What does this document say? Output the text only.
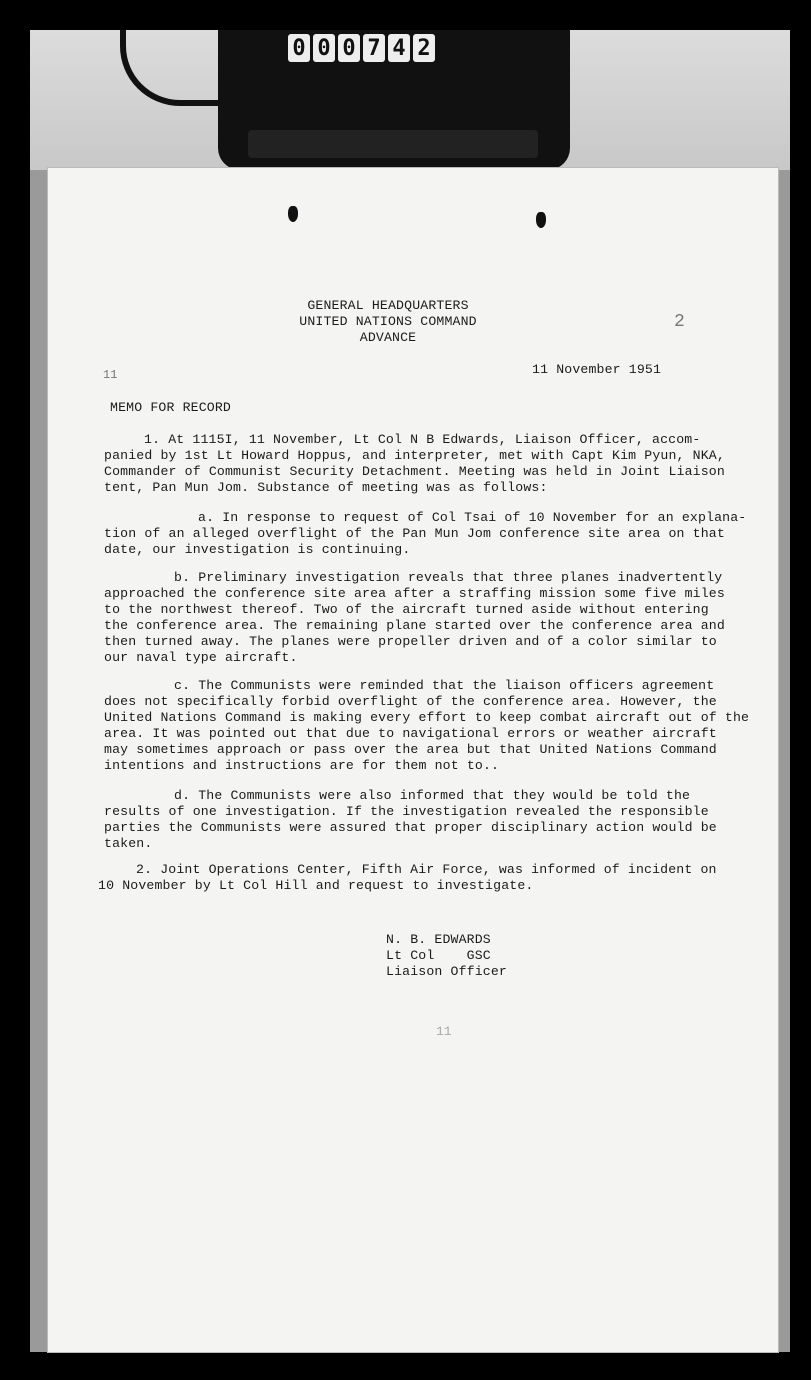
0 0 0 7 4 2
GENERAL HEADQUARTERS
UNITED NATIONS COMMAND
ADVANCE
2
11 November 1951
11
MEMO FOR RECORD
1. At 1115I, 11 November, Lt Col N B Edwards, Liaison Officer, accom-
panied by 1st Lt Howard Hoppus, and interpreter, met with Capt Kim Pyun, NKA,
Commander of Communist Security Detachment. Meeting was held in Joint Liaison
tent, Pan Mun Jom. Substance of meeting was as follows:
a. In response to request of Col Tsai of 10 November for an explana-
tion of an alleged overflight of the Pan Mun Jom conference site area on that
date, our investigation is continuing.
b. Preliminary investigation reveals that three planes inadvertently
approached the conference site area after a straffing mission some five miles
to the northwest thereof. Two of the aircraft turned aside without entering
the conference area. The remaining plane started over the conference area and
then turned away. The planes were propeller driven and of a color similar to
our naval type aircraft.
c. The Communists were reminded that the liaison officers agreement
does not specifically forbid overflight of the conference area. However, the
United Nations Command is making every effort to keep combat aircraft out of the
area. It was pointed out that due to navigational errors or weather aircraft
may sometimes approach or pass over the area but that United Nations Command
intentions and instructions are for them not to..
d. The Communists were also informed that they would be told the
results of one investigation. If the investigation revealed the responsible
parties the Communists were assured that proper disciplinary action would be
taken.
2. Joint Operations Center, Fifth Air Force, was informed of incident on
10 November by Lt Col Hill and request to investigate.
N. B. EDWARDS
Lt Col    GSC
Liaison Officer
11
